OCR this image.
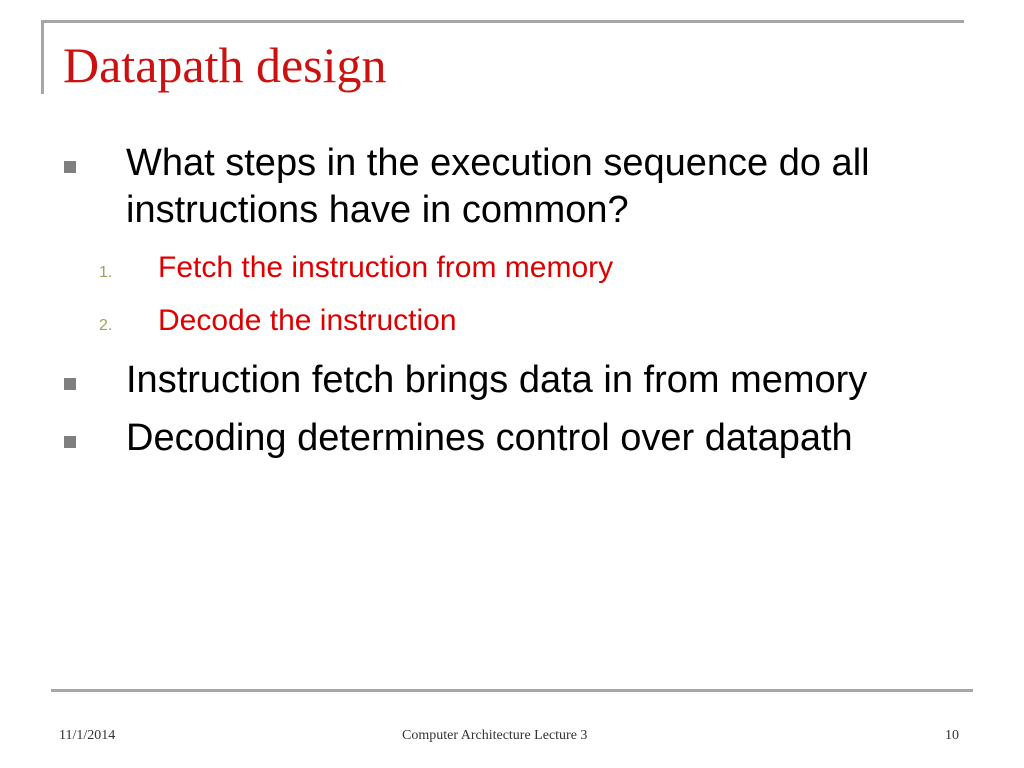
Datapath design
What steps in the execution sequence do all
instructions have in common?
1. Fetch the instruction from memory
2. Decode the instruction
Instruction fetch brings data in from memory
Decoding determines control over datapath
11/1/2014	Computer Architecture Lecture 3	10
